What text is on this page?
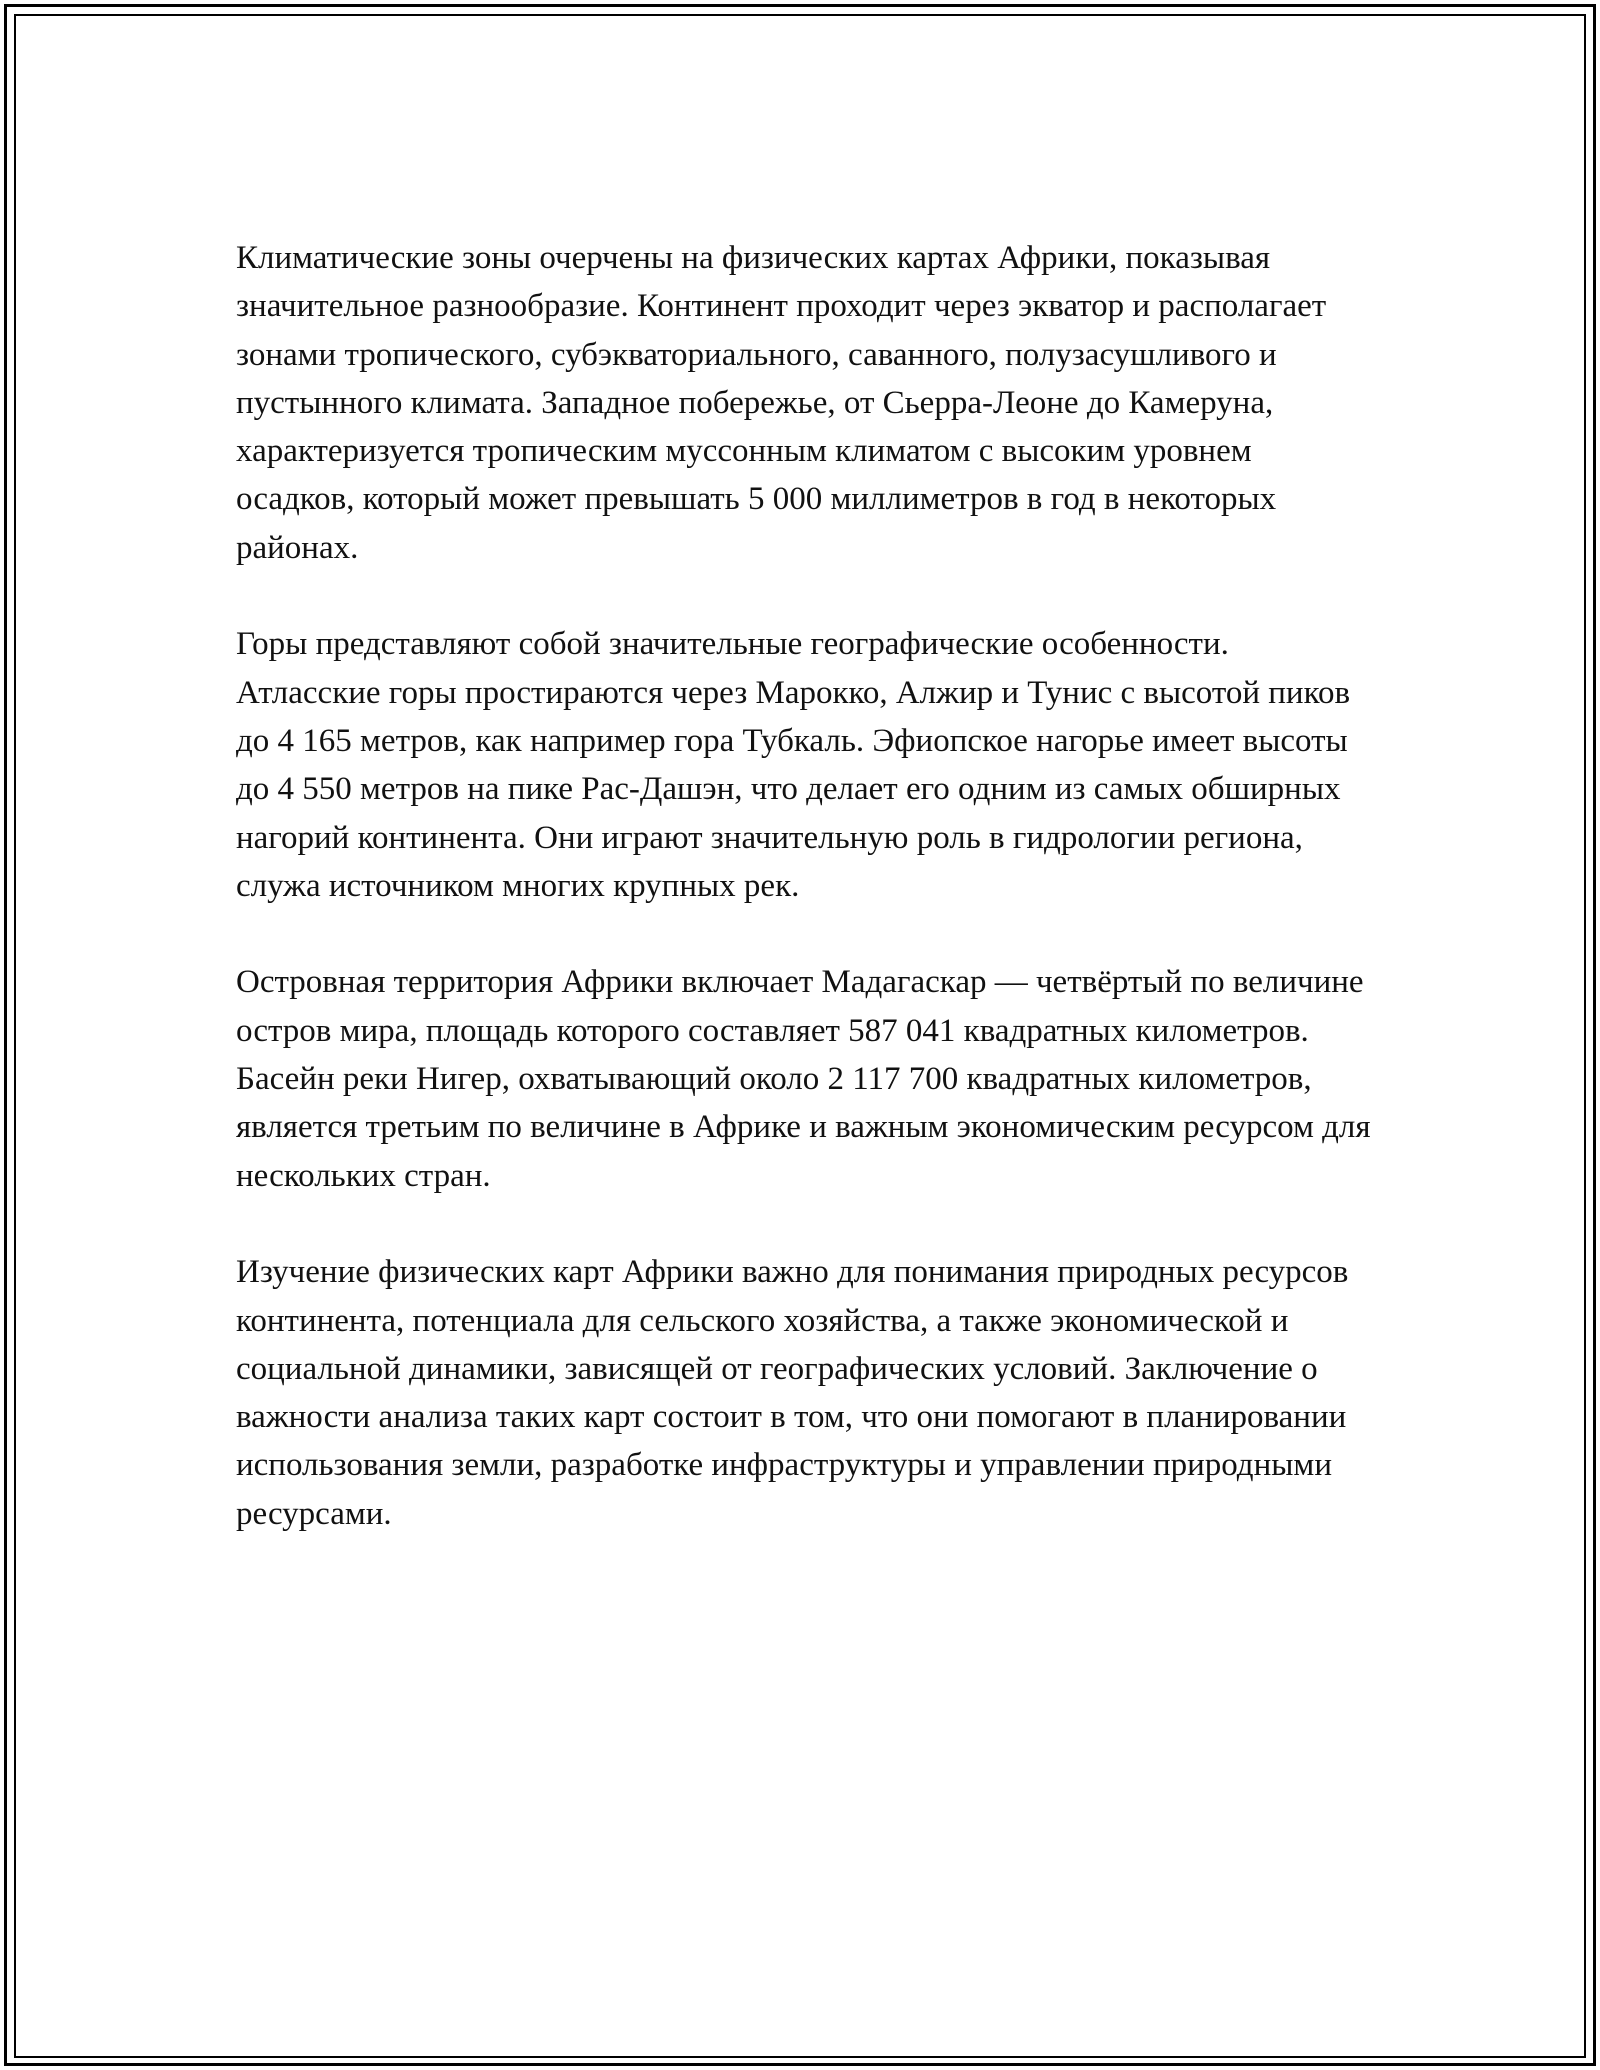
Климатические зоны очерчены на физических картах Африки, показывая значительное разнообразие. Континент проходит через экватор и располагает зонами тропического, субэкваториального, саванного, полузасушливого и пустынного климата. Западное побережье, от Сьерра-Леоне до Камеруна, характеризуется тропическим муссонным климатом с высоким уровнем осадков, который может превышать 5 000 миллиметров в год в некоторых районах.

Горы представляют собой значительные географические особенности. Атласские горы простираются через Марокко, Алжир и Тунис с высотой пиков до 4 165 метров, как например гора Тубкаль. Эфиопское нагорье имеет высоты до 4 550 метров на пике Рас-Дашэн, что делает его одним из самых обширных нагорий континента. Они играют значительную роль в гидрологии региона, служа источником многих крупных рек.

Островная территория Африки включает Мадагаскар — четвёртый по величине остров мира, площадь которого составляет 587 041 квадратных километров. Басейн реки Нигер, охватывающий около 2 117 700 квадратных километров, является третьим по величине в Африке и важным экономическим ресурсом для нескольких стран.

Изучение физических карт Африки важно для понимания природных ресурсов континента, потенциала для сельского хозяйства, а также экономической и социальной динамики, зависящей от географических условий. Заключение о важности анализа таких карт состоит в том, что они помогают в планировании использования земли, разработке инфраструктуры и управлении природными ресурсами.
